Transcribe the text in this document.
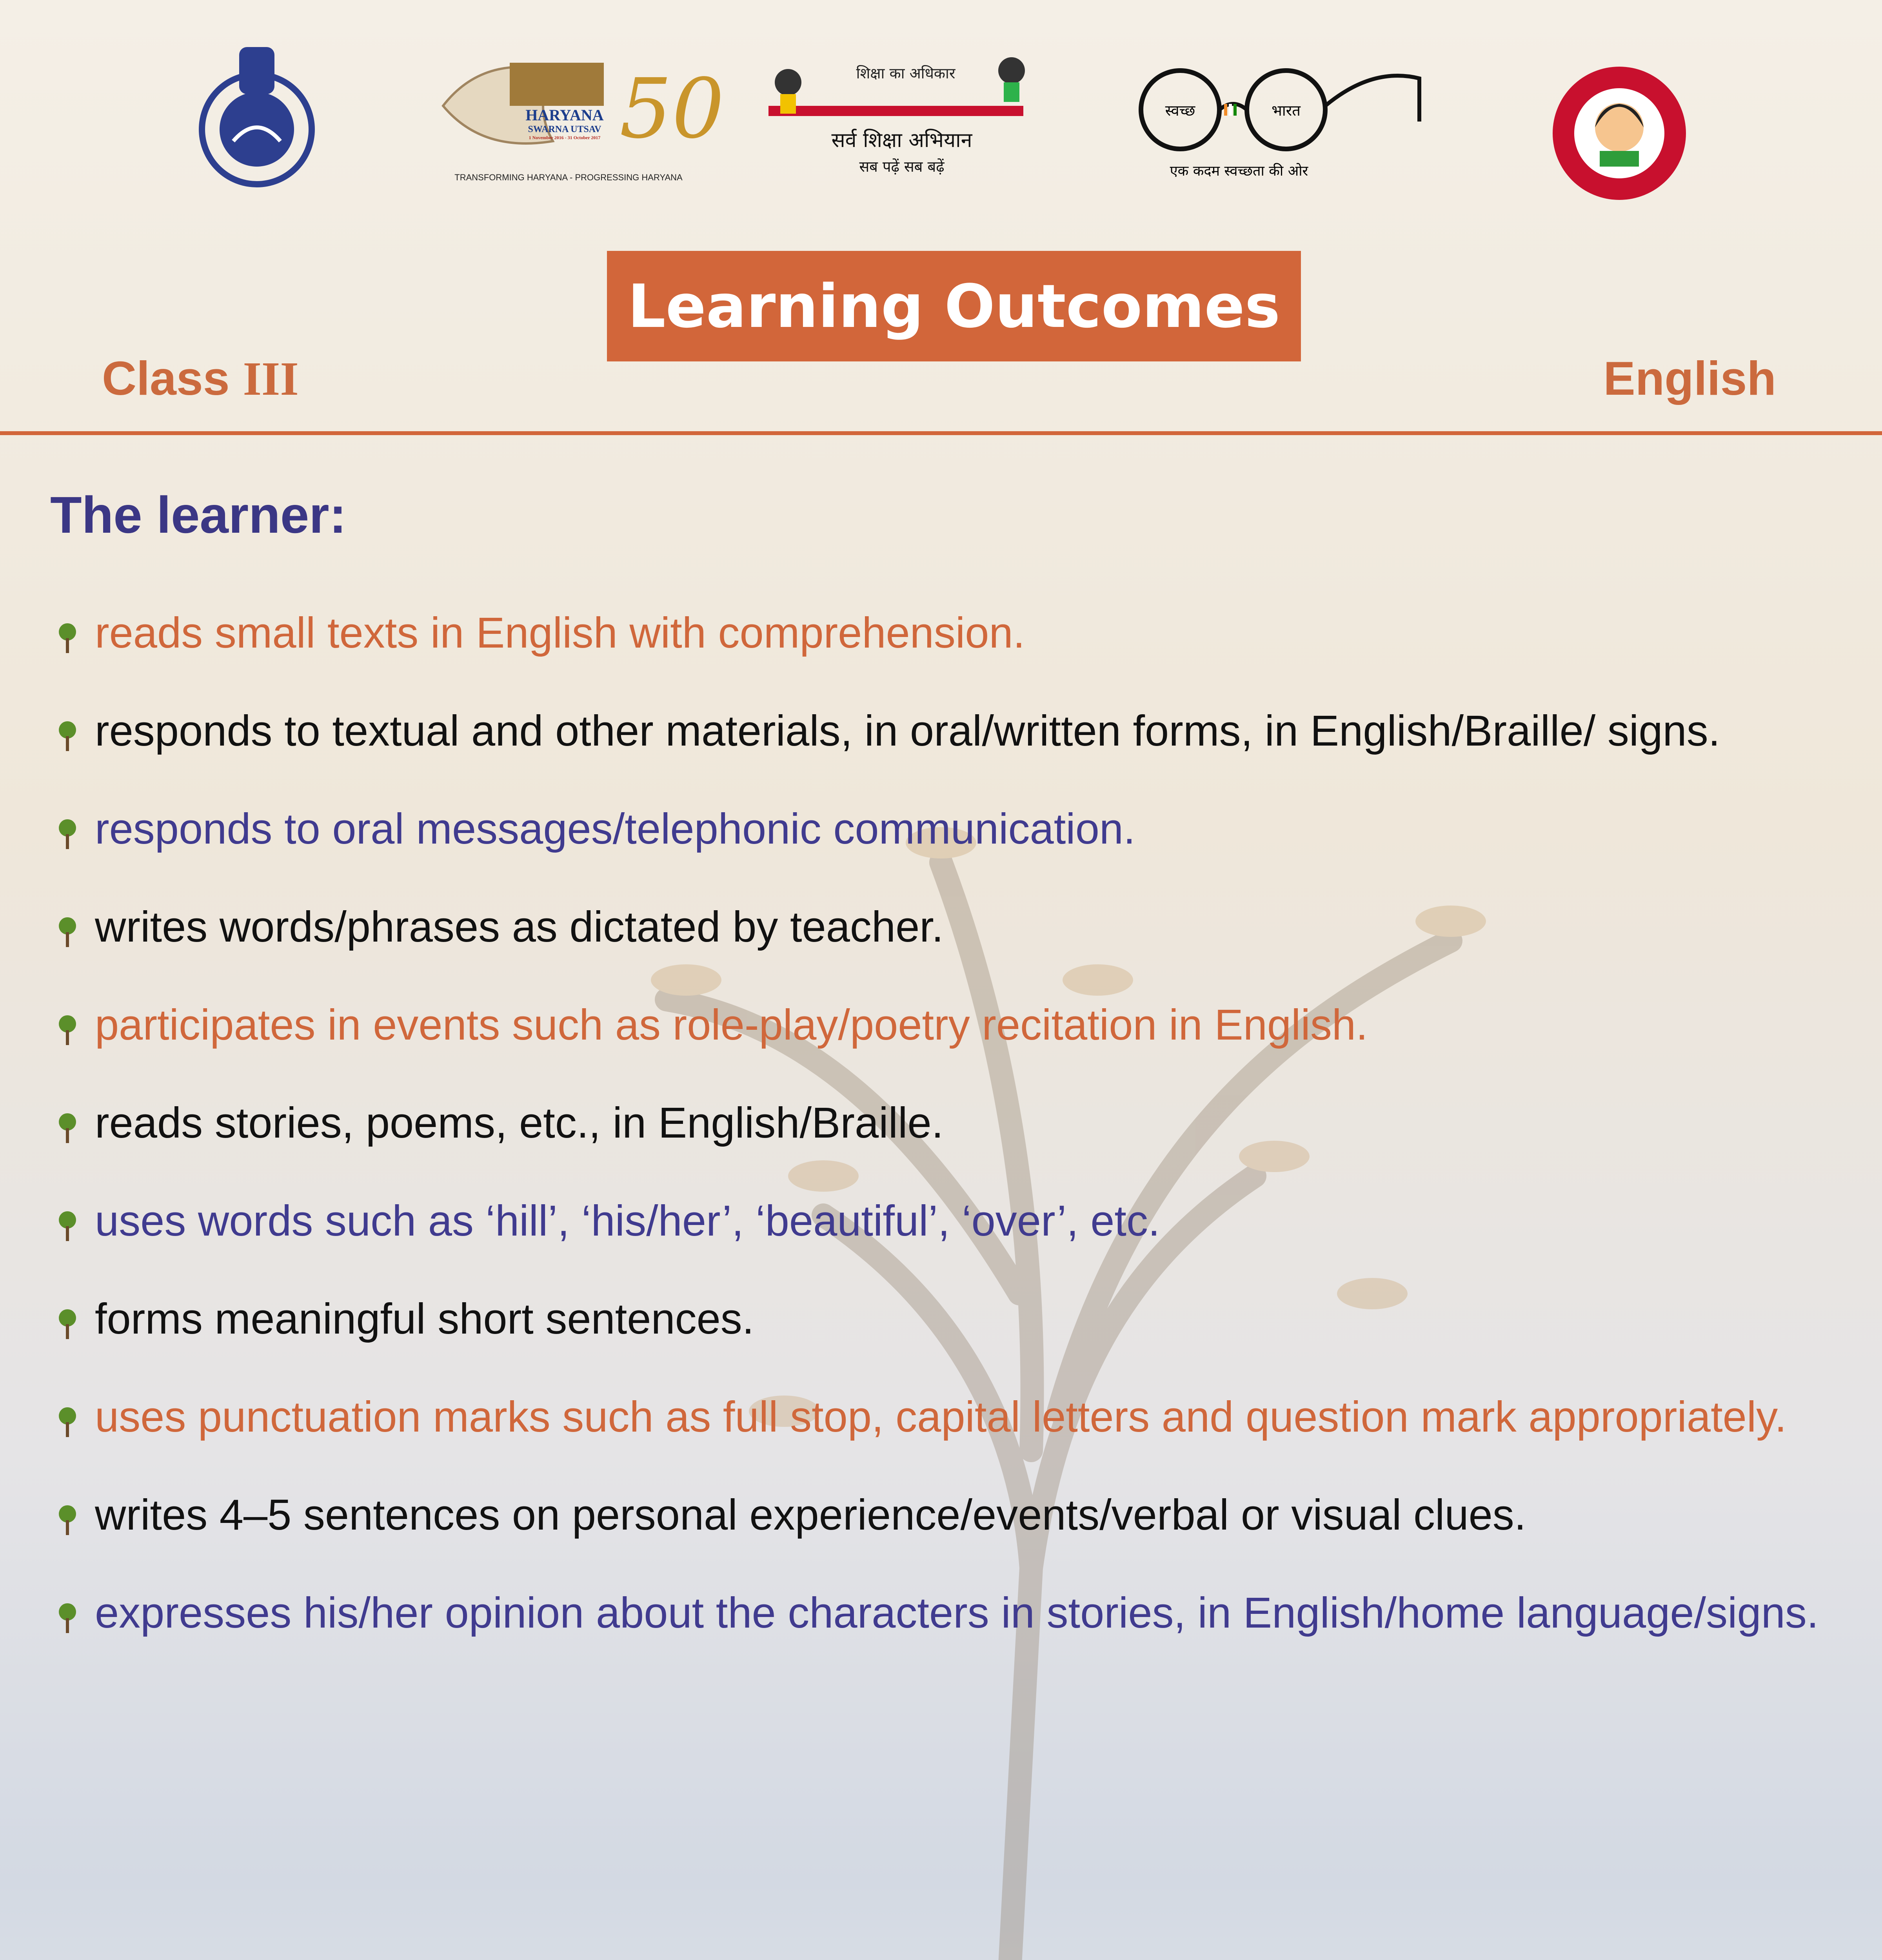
50
HARYANA
SWARNA UTSAV
1 November 2016 - 31 October 2017
TRANSFORMING HARYANA - PROGRESSING HARYANA
शिक्षा का अधिकार
सर्व शिक्षा अभियान
सब पढ़ें सब बढ़ें
स्वच्छ	भारत
एक कदम स्वच्छता की ओर
Learning Outcomes
Class III	English
The learner:
reads small texts in English with comprehension.
responds to textual and other materials, in oral/written forms, in English/Braille/ signs.
responds to oral messages/telephonic communication.
writes words/phrases as dictated by teacher.
participates in events such as role-play/poetry recitation in English.
reads stories, poems, etc., in English/Braille.
uses words such as ‘hill’, ‘his/her’, ‘beautiful’, ‘over’, etc.
forms meaningful short sentences.
uses punctuation marks such as full stop, capital letters and question mark appropriately.
writes 4–5 sentences on personal experience/events/verbal or visual clues.
expresses his/her opinion about the characters in stories, in English/home language/signs.
